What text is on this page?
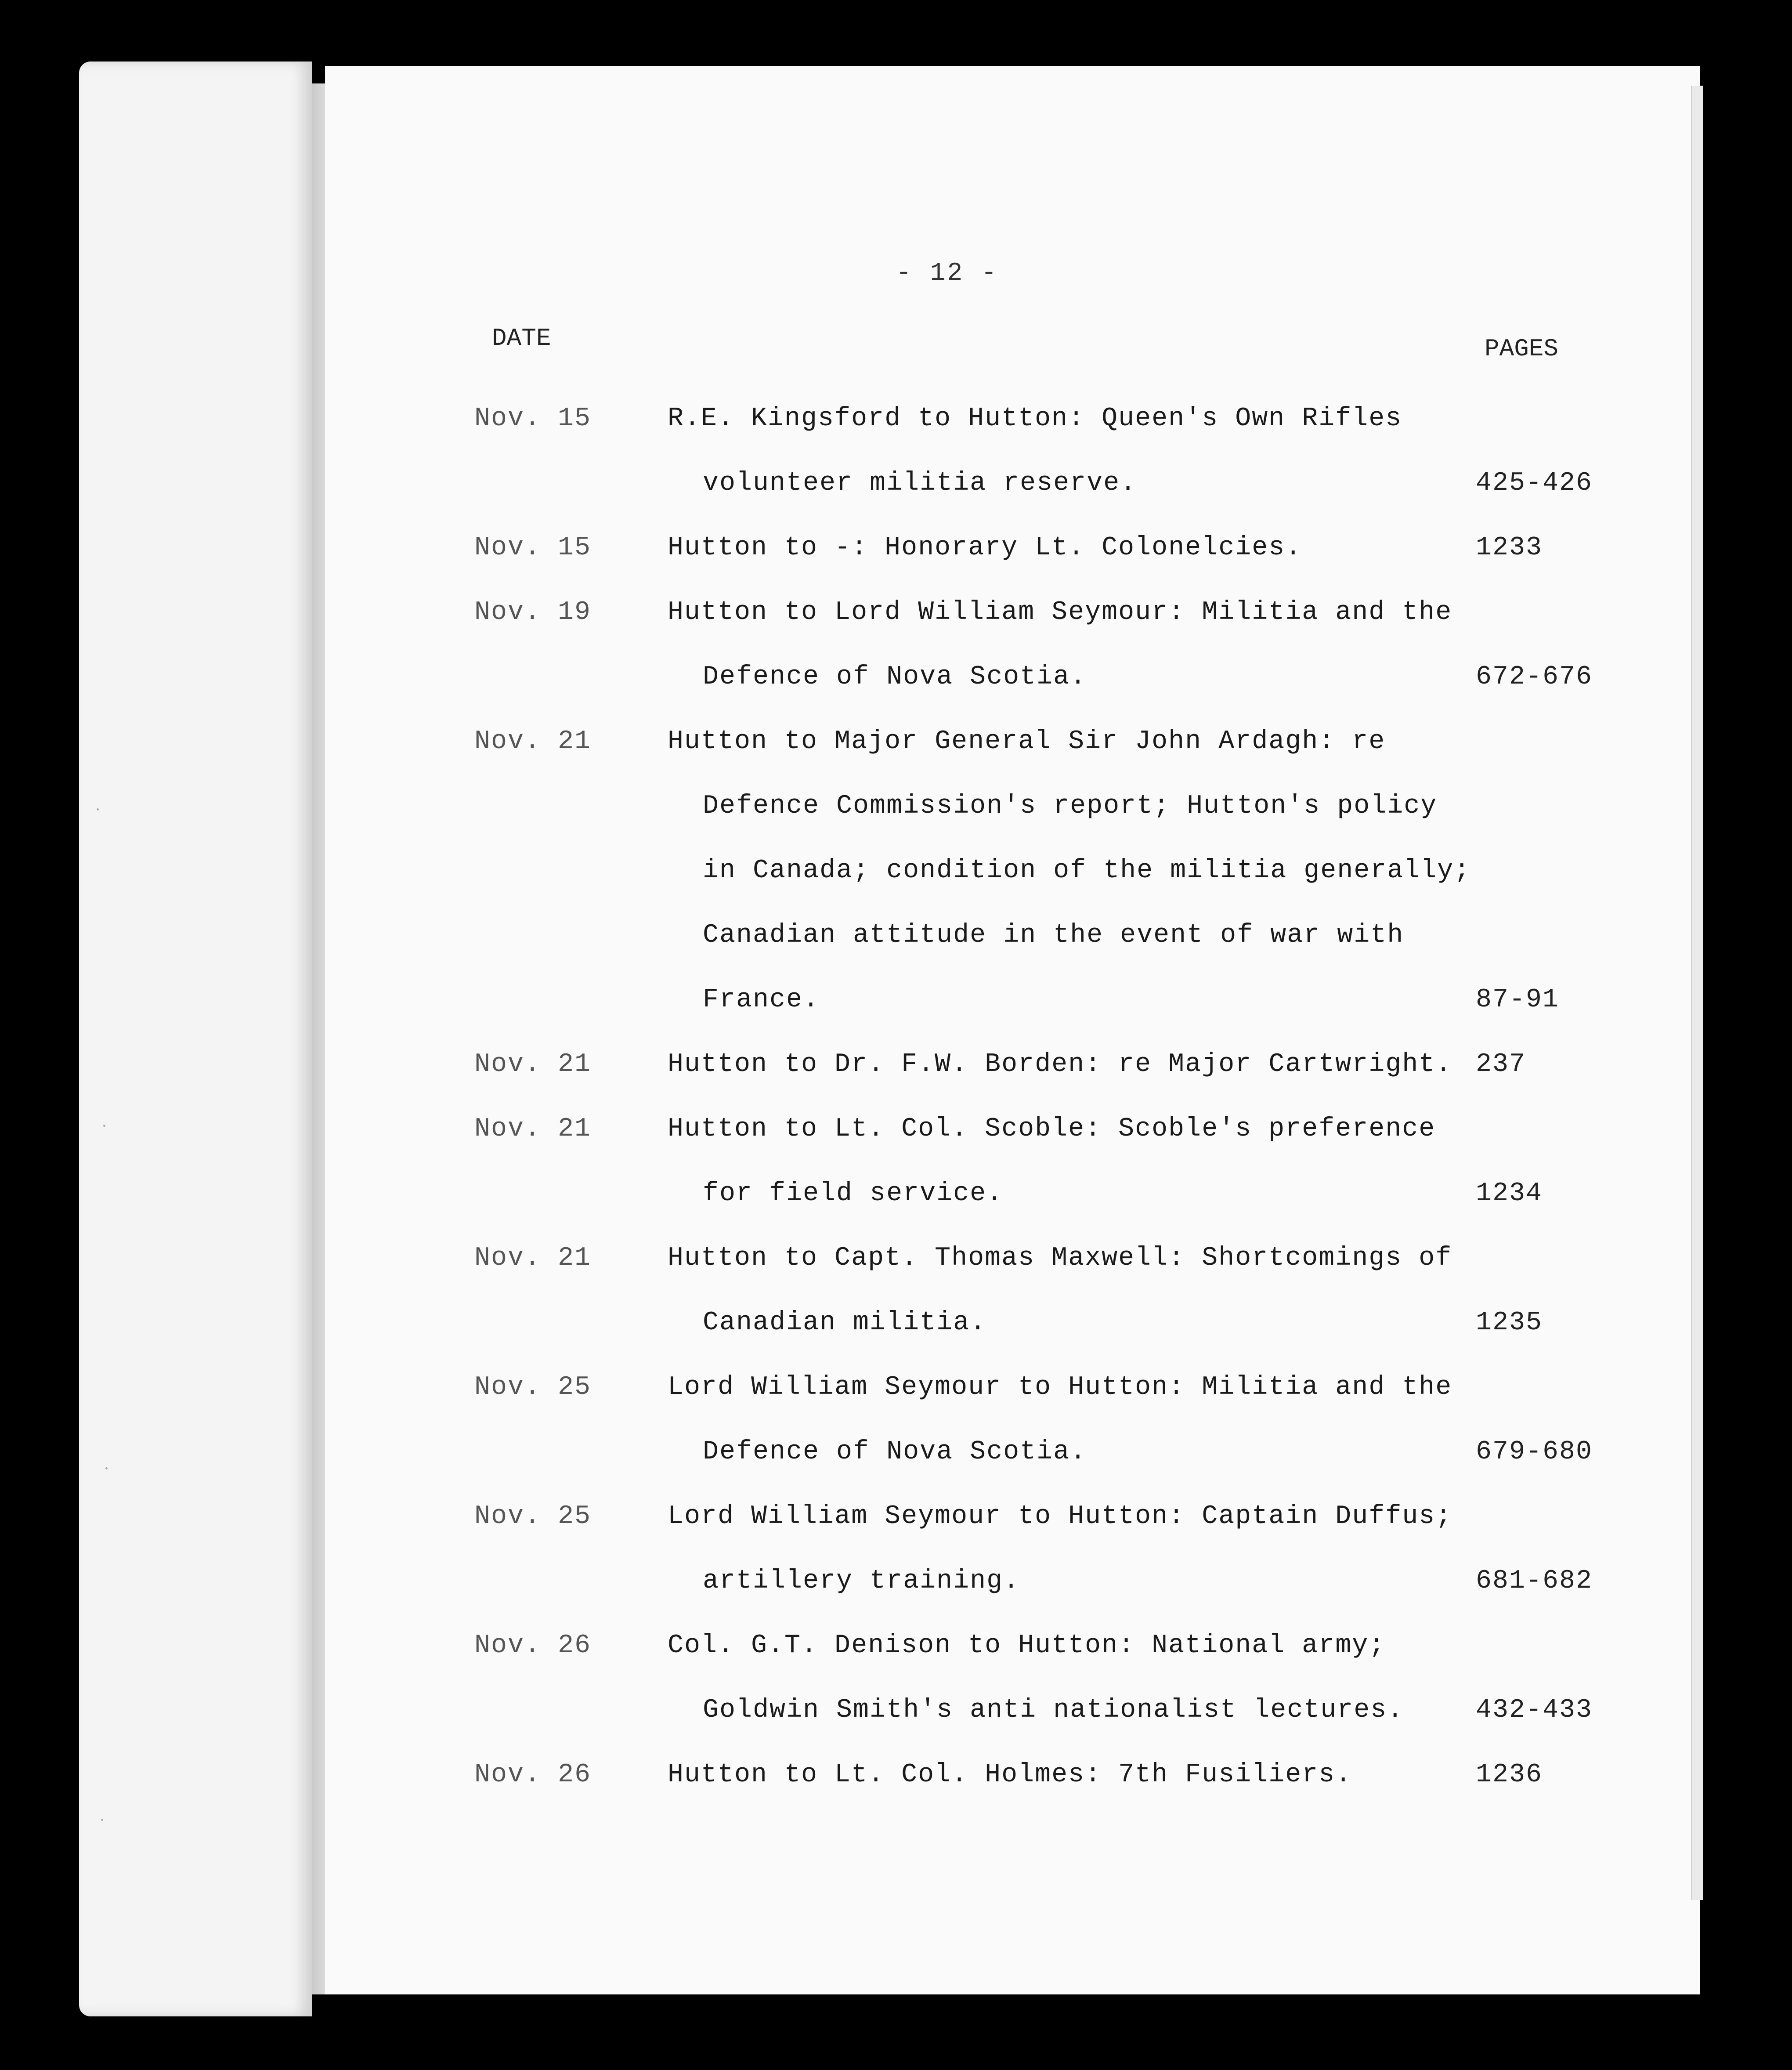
- 12 -
DATE	PAGES
Nov. 15	R.E. Kingsford to Hutton: Queen's Own Rifles
volunteer militia reserve.	425-426
Nov. 15	Hutton to -: Honorary Lt. Colonelcies.	1233
Nov. 19	Hutton to Lord William Seymour: Militia and the
Defence of Nova Scotia.	672-676
Nov. 21	Hutton to Major General Sir John Ardagh: re
Defence Commission's report; Hutton's policy
in Canada; condition of the militia generally;
Canadian attitude in the event of war with
France.	87-91
Nov. 21	Hutton to Dr. F.W. Borden: re Major Cartwright. 237
Nov. 21	Hutton to Lt. Col. Scoble: Scoble's preference
for field service.	1234
Nov. 21	Hutton to Capt. Thomas Maxwell: Shortcomings of
Canadian militia.	1235
Nov. 25	Lord William Seymour to Hutton: Militia and the
Defence of Nova Scotia.	679-680
Nov. 25	Lord William Seymour to Hutton: Captain Duffus;
artillery training.	681-682
Nov. 26	Col. G.T. Denison to Hutton: National army;
Goldwin Smith's anti nationalist lectures.	432-433
Nov. 26	Hutton to Lt. Col. Holmes: 7th Fusiliers.	1236
